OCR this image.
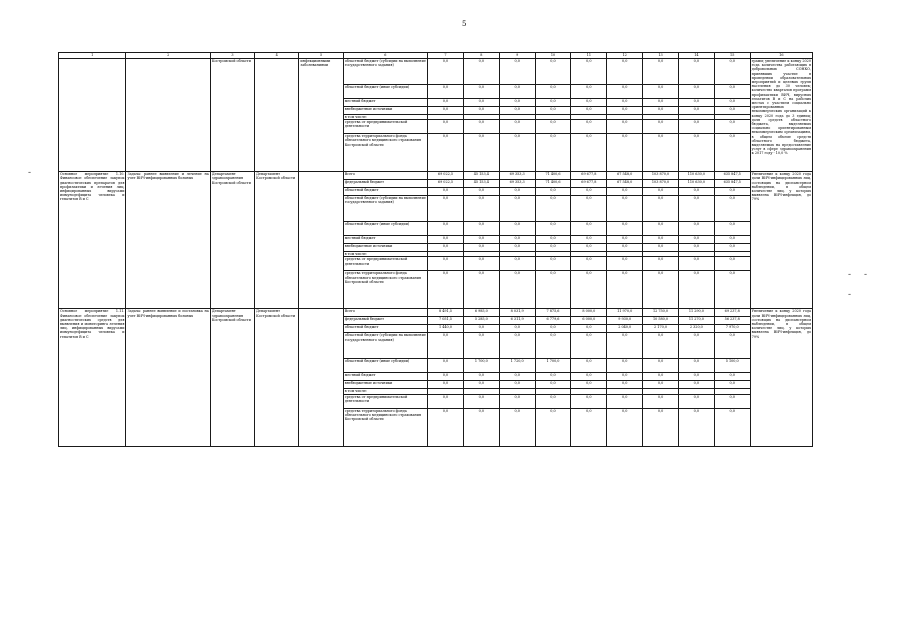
5
- -
-
-
1	2	3	4	5	6	7	8	9	10	11	12	13	14	15	16
		Костромской области		инфекционными заболеваниями	областной бюджет (субсидии на выполнение государственного задания)	0,0	0,0	0,0	0,0	0,0	0,0	0,0	0,0	0,0	грамм; увеличение к концу 2020 года количества работающих в добровольных СОНКО, принявших участие в проведении образовательных мероприятий и целевых групп населения до 30 человек; количество кварталов программ профилактики ВИЧ, вирусных гепатитов В и С на рабочих местах с участием социально ориентированных некоммерческих организаций к концу 2020 года до 3 единиц; доля средств областного бюджета, выделяемых социально ориентированным некоммерческим организациям, в общем объеме средств областного бюджета, выделяемых на предоставление услуг в сфере здравоохранения к 2017 году - 10,0 %
					областной бюджет (иные субсидии)	0,0	0,0	0,0	0,0	0,0	0,0	0,0	0,0	0,0	
					местный бюджет	0,0	0,0	0,0	0,0	0,0	0,0	0,0	0,0	0,0	
					внебюджетные источники	0,0	0,0	0,0	0,0	0,0	0,0	0,0	0,0	0,0	
					в том числе:										
					средства от предпринимательской деятельности	0,0	0,0	0,0	0,0	0,0	0,0	0,0	0,0	0,0	
					средства территориального фонда обязательного медицинского страхования Костромской области	0,0	0,0	0,0	0,0	0,0	0,0	0,0	0,0	0,0	
Основное мероприятие 1.10. Финансовое обеспечение закупок диагностических препаратов для профилактики и лечения лиц, инфицированных вирусами иммунодефицита человека и гепатитов В и С	Задача: раннее выявление и лечение на учет ВИЧ-инфицированных больных	Департамент здравоохранения Костромской области	Департамент Костромской области		Всего	69 022,5	45 153,4	69 353,3	71 400,6	69 677,8	67 548,0	103 870,0	110 630,0	635 847,5	Увеличение к концу 2020 года доли ВИЧ-инфицированных лиц, состоящих на диспансерном наблюдении, в общем количестве лиц, у которых выявлена ВИЧ-инфекция, до 79%
					федеральный бюджет	69 022,5	45 153,4	69 353,3	71 400,6	69 677,8	67 548,0	103 870,0	110 630,0	635 847,5	
					областной бюджет	0,0	0,0	0,0	0,0	0,0	0,0	0,0	0,0	0,0	
					областной бюджет (субсидии на выполнение государственного задания)	0,0	0,0	0,0	0,0	0,0	0,0	0,0	0,0	0,0	
					областной бюджет (иные субсидии)	0,0	0,0	0,0	0,0	0,0	0,0	0,0	0,0	0,0	
					местный бюджет	0,0	0,0	0,0	0,0	0,0	0,0	0,0	0,0	0,0	
					внебюджетные источники	0,0	0,0	0,0	0,0	0,0	0,0	0,0	0,0	0,0	
					в том числе:										
					средства от предпринимательской деятельности	0,0	0,0	0,0	0,0	0,0	0,0	0,0	0,0	0,0	
					средства территориального фонда обязательного медицинского страхования Костромской области	0,0	0,0	0,0	0,0	0,0	0,0	0,0	0,0	0,0	
Основное мероприятие 1.11. Финансовое обеспечение закупок диагностических средств для выявления и мониторинга лечения лиц, инфицированных вирусами иммунодефицита человека и гепатитов В и С	Задача: раннее выявление и постановка на учет ВИЧ-инфицированных больных	Департамент здравоохранения Костромской области	Департамент Костромской области		Всего	8 491,5	6 985,0	8 031,9	7 875,6	8 000,0	11 970,0	12 750,0	11 290,0	69 237,8	Увеличение к концу 2020 года доли ВИЧ-инфицированных лиц, состоящих на диспансерном наблюдении, в общем количестве лиц, у которых выявлена ВИЧ-инфекция, до 79%
					федеральный бюджет	7 051,5	5 285,0	6 311,9	6 779,6	6 000,0	9 930,0	10 580,0	11 270,0	56 237,8	
					областной бюджет	1 440,0	0,0	0,0	0,0	0,0	2 040,0	2 170,0	2 320,0	7 970,0	
					областной бюджет (субсидии на выполнение государственного задания)	0,0	0,0	0,0	0,0	0,0	0,0	0,0	0,0	0,0	
					областной бюджет (иные субсидии)	0,0	1 700,0	1 720,0	1 700,0	0,0	0,0	0,0	0,0	5 100,0	
					местный бюджет	0,0	0,0	0,0	0,0	0,0	0,0	0,0	0,0	0,0	
					внебюджетные источники	0,0	0,0	0,0	0,0	0,0	0,0	0,0	0,0	0,0	
					в том числе:										
					средства от предпринимательской деятельности	0,0	0,0	0,0	0,0	0,0	0,0	0,0	0,0	0,0	
					средства территориального фонда обязательного медицинского страхования Костромской области	0,0	0,0	0,0	0,0	0,0	0,0	0,0	0,0	0,0	
